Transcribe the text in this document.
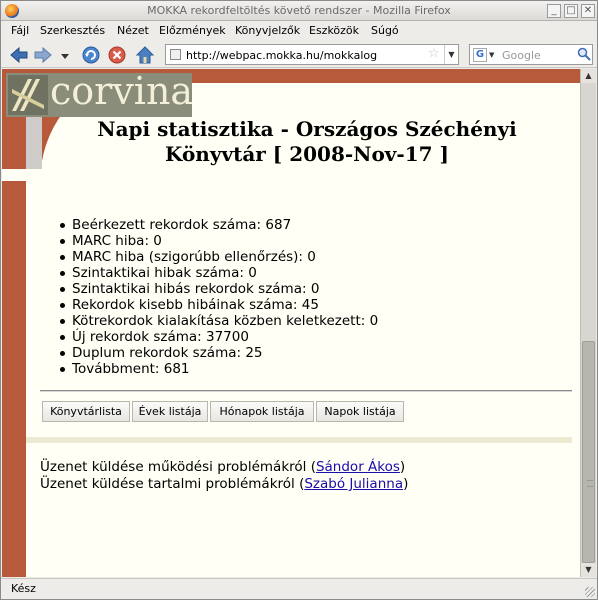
MOKKA rekordfeltöltés követő rendszer - Mozilla Firefox	_ □ ✕
Fájl Szerkesztés Nézet Előzmények Könyvjelzők Eszközök Súgó
http://webpac.mokka.hu/mokkalog
☆	▼	G ▼
Google
corvina
Napi statisztika - Országos Széchényi
Könyvtár [ 2008-Nov-17 ]
Beérkezett rekordok száma: 687
MARC hiba: 0
MARC hiba (szigorúbb ellenőrzés): 0
Szintaktikai hibak száma: 0
Szintaktikai hibás rekordok száma: 0
Rekordok kisebb hibáinak száma: 45
Kötrekordok kialakítása közben keletkezett: 0
Új rekordok száma: 37700
Duplum rekordok száma: 25
Továbbment: 681
Könyvtárlista	Évek listája	Hónapok listája	Napok listája
Üzenet küldése működési problémákról (Sándor Ákos)
Üzenet küldése tartalmi problémákról (Szabó Julianna)
▲
▼
Kész
